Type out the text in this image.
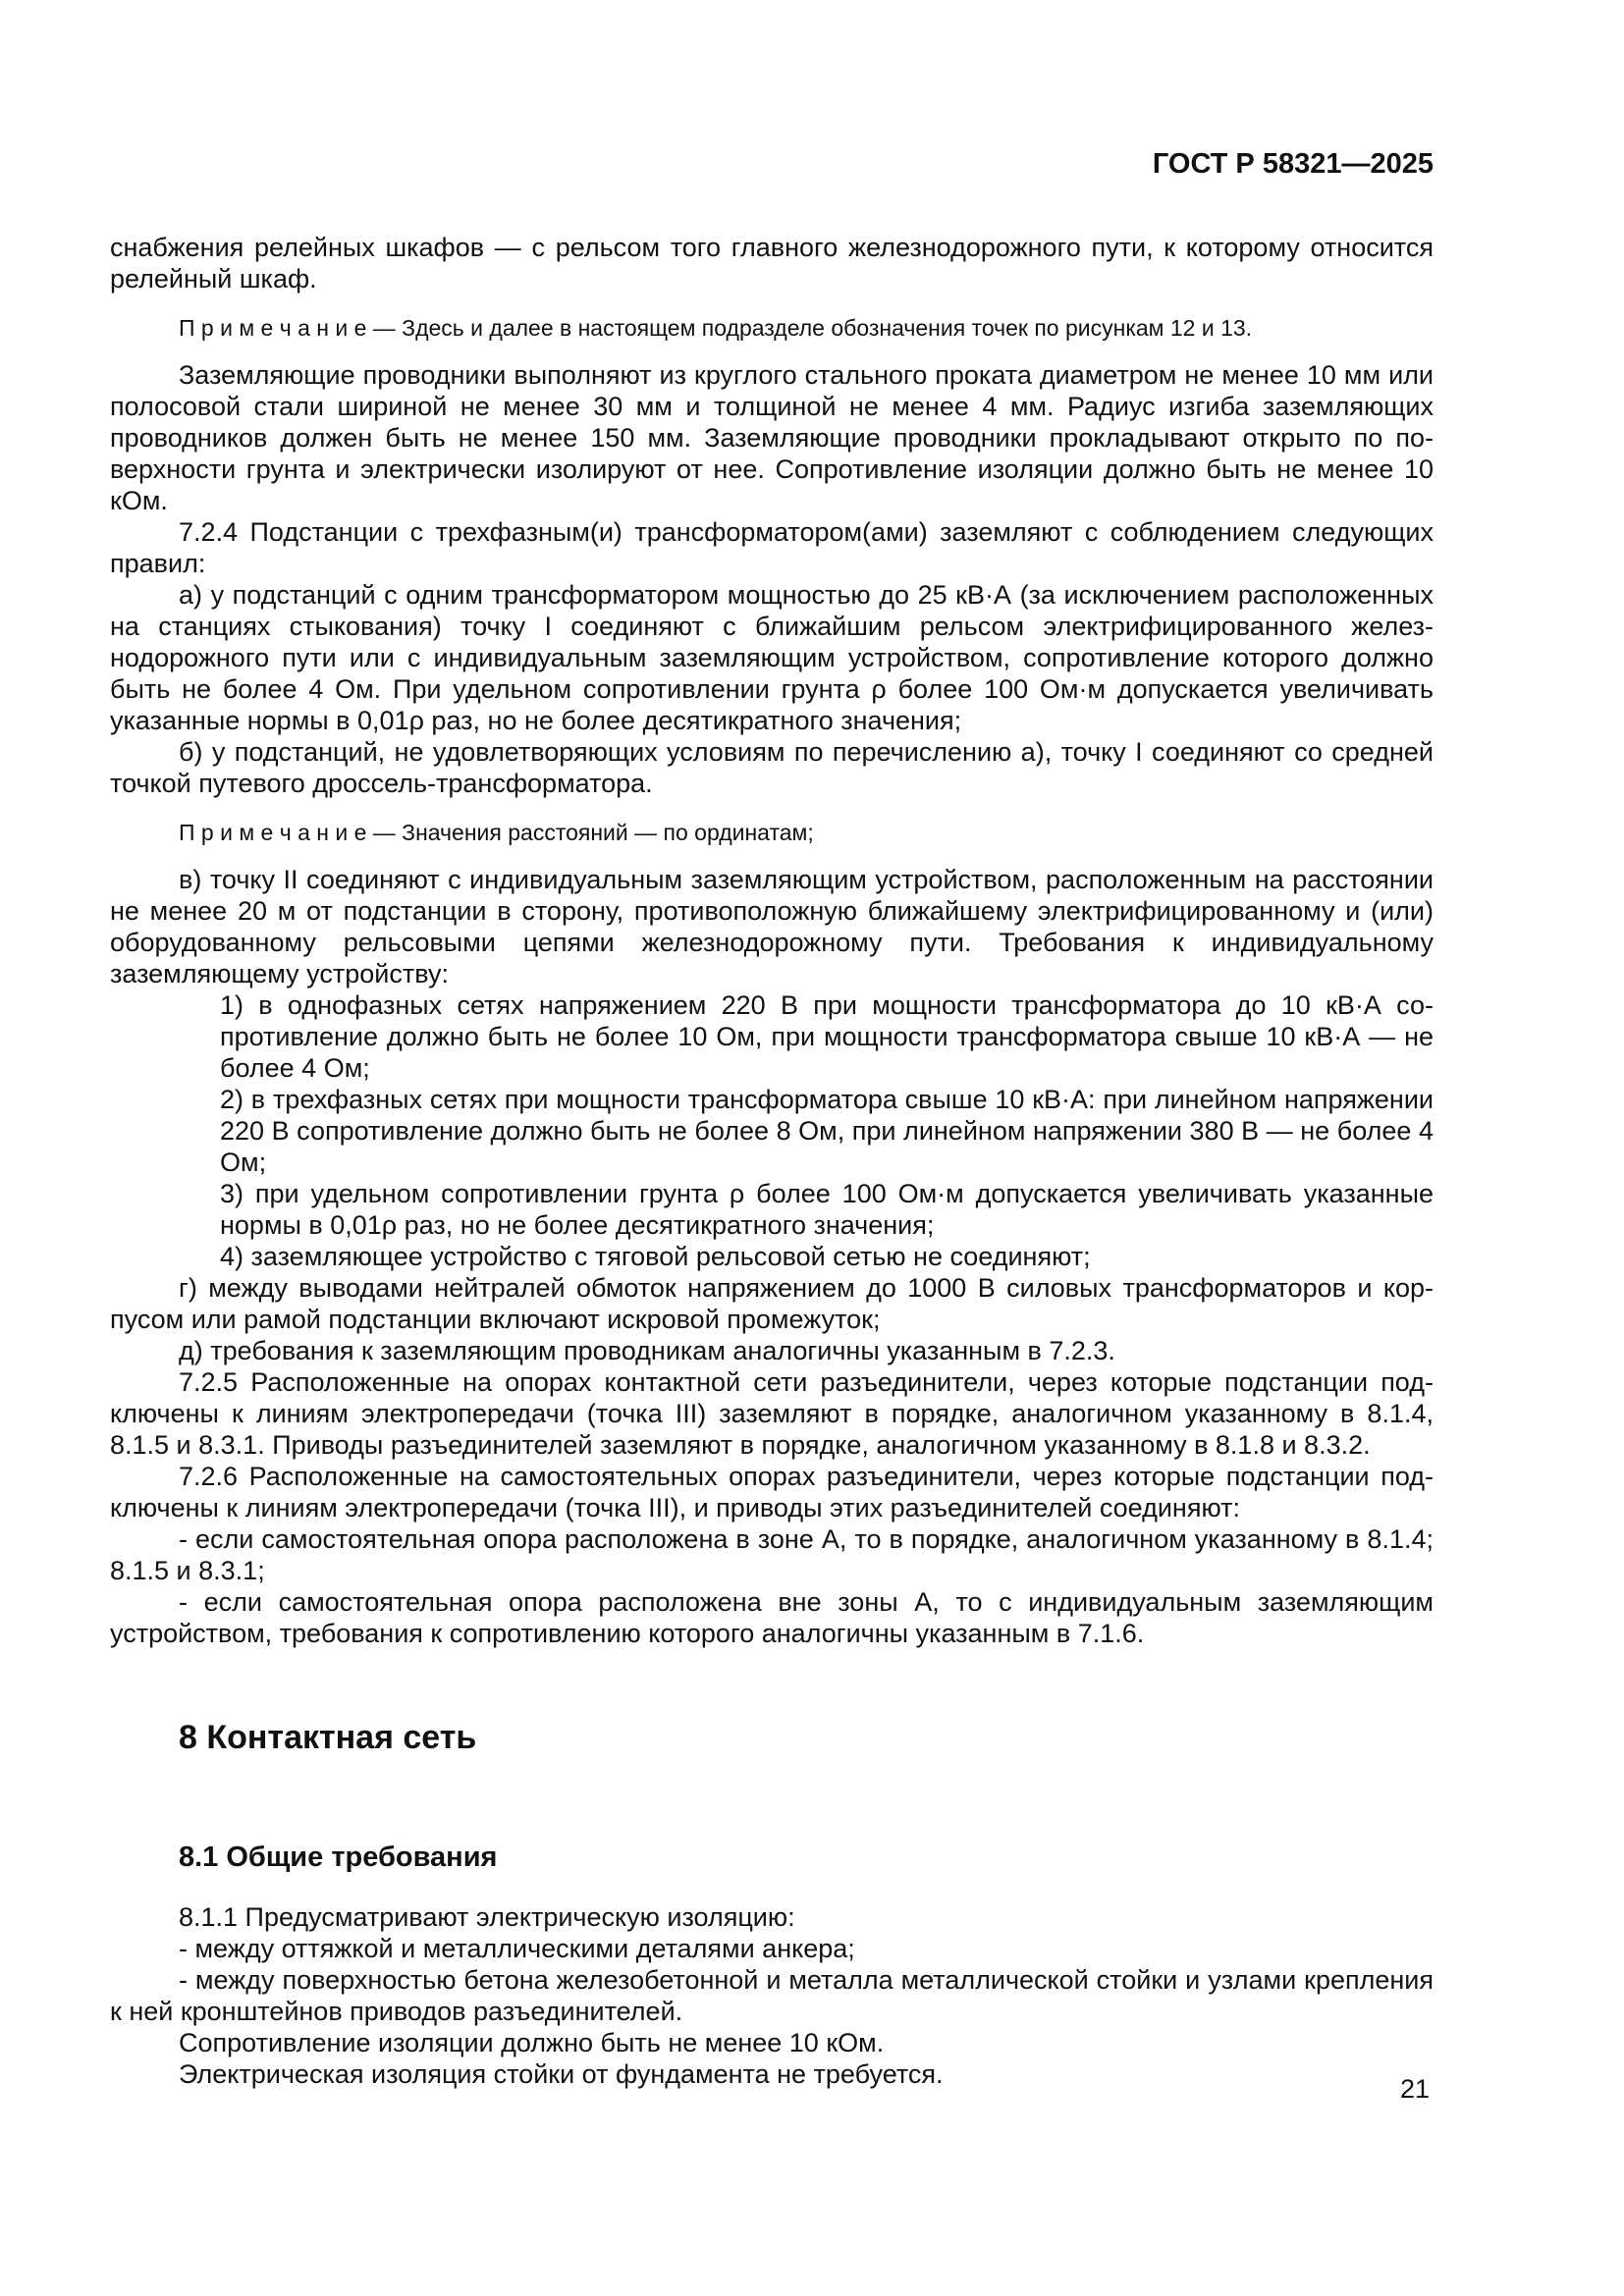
ГОСТ Р 58321—2025

снабжения релейных шкафов — с рельсом того главного железнодорожного пути, к которому относится релейный шкаф.

П р и м е ч а н и е — Здесь и далее в настоящем подразделе обозначения точек по рисункам 12 и 13.

Заземляющие проводники выполняют из круглого стального проката диаметром не менее 10 мм или полосовой стали шириной не менее 30 мм и толщиной не менее 4 мм. Радиус изгиба заземляющих проводников должен быть не менее 150 мм. Заземляющие проводники прокладывают открыто по поверхности грунта и электрически изолируют от нее. Сопротивление изоляции должно быть не менее 10 кОм.

7.2.4 Подстанции с трехфазным(и) трансформатором(ами) заземляют с соблюдением следующих правил:

а) у подстанций с одним трансформатором мощностью до 25 кВ·А (за исключением расположенных на станциях стыкования) точку I соединяют с ближайшим рельсом электрифицированного железнодорожного пути или с индивидуальным заземляющим устройством, сопротивление которого должно быть не более 4 Ом. При удельном сопротивлении грунта ρ более 100 Ом·м допускается увеличивать указанные нормы в 0,01ρ раз, но не более десятикратного значения;

б) у подстанций, не удовлетворяющих условиям по перечислению а), точку I соединяют со средней точкой путевого дроссель-трансформатора.

П р и м е ч а н и е — Значения расстояний — по ординатам;

в) точку II соединяют с индивидуальным заземляющим устройством, расположенным на расстоянии не менее 20 м от подстанции в сторону, противоположную ближайшему электрифицированному и (или) оборудованному рельсовыми цепями железнодорожному пути. Требования к индивидуальному заземляющему устройству:

1) в однофазных сетях напряжением 220 В при мощности трансформатора до 10 кВ·А сопротивление должно быть не более 10 Ом, при мощности трансформатора свыше 10 кВ·А — не более 4 Ом;

2) в трехфазных сетях при мощности трансформатора свыше 10 кВ·А: при линейном напряжении 220 В сопротивление должно быть не более 8 Ом, при линейном напряжении 380 В — не более 4 Ом;

3) при удельном сопротивлении грунта ρ более 100 Ом·м допускается увеличивать указанные нормы в 0,01ρ раз, но не более десятикратного значения;

4) заземляющее устройство с тяговой рельсовой сетью не соединяют;

г) между выводами нейтралей обмоток напряжением до 1000 В силовых трансформаторов и корпусом или рамой подстанции включают искровой промежуток;

д) требования к заземляющим проводникам аналогичны указанным в 7.2.3.

7.2.5 Расположенные на опорах контактной сети разъединители, через которые подстанции подключены к линиям электропередачи (точка III) заземляют в порядке, аналогичном указанному в 8.1.4, 8.1.5 и 8.3.1. Приводы разъединителей заземляют в порядке, аналогичном указанному в 8.1.8 и 8.3.2.

7.2.6 Расположенные на самостоятельных опорах разъединители, через которые подстанции подключены к линиям электропередачи (точка III), и приводы этих разъединителей соединяют:

- если самостоятельная опора расположена в зоне А, то в порядке, аналогичном указанному в 8.1.4; 8.1.5 и 8.3.1;

- если самостоятельная опора расположена вне зоны А, то с индивидуальным заземляющим устройством, требования к сопротивлению которого аналогичны указанным в 7.1.6.

8 Контактная сеть
8.1 Общие требования

8.1.1 Предусматривают электрическую изоляцию:

- между оттяжкой и металлическими деталями анкера;

- между поверхностью бетона железобетонной и металла металлической стойки и узлами крепления к ней кронштейнов приводов разъединителей.

Сопротивление изоляции должно быть не менее 10 кОм.

Электрическая изоляция стойки от фундамента не требуется.	21
